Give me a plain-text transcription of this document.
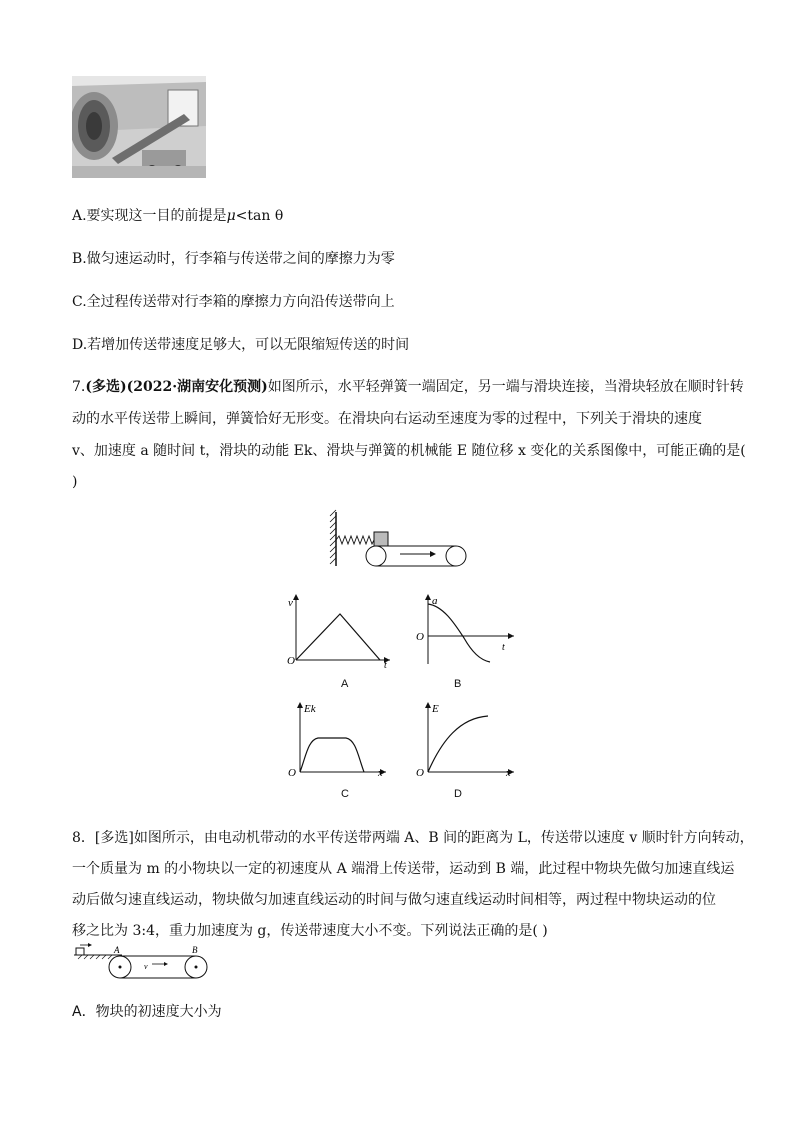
A.要实现这一目的前提是μ<tan θ
B.做匀速运动时，行李箱与传送带之间的摩擦力为零
C.全过程传送带对行李箱的摩擦力方向沿传送带向上
D.若增加传送带速度足够大，可以无限缩短传送的时间
7.(多选)(2022·湖南安化预测)如图所示，水平轻弹簧一端固定，另一端与滑块连接，当滑块轻放在顺时针转
动的水平传送带上瞬间，弹簧恰好无形变。在滑块向右运动至速度为零的过程中，下列关于滑块的速度
v、加速度 a 随时间 t，滑块的动能 Ek、滑块与弹簧的机械能 E 随位移 x 变化的关系图像中，可能正确的是(
)
v
O	t
A
a
O
t
B
Ek
O	x
C
E
O	x
D
8．[多选]如图所示，由电动机带动的水平传送带两端 A、B 间的距离为 L，传送带以速度 v 顺时针方向转动，
一个质量为 m 的小物块以一定的初速度从 A 端滑上传送带，运动到 B 端，此过程中物块先做匀加速直线运
动后做匀速直线运动，物块做匀加速直线运动的时间与做匀速直线运动时间相等，两过程中物块运动的位
移之比为 3:4，重力加速度为 g，传送带速度大小不变。下列说法正确的是( )
A	B
v
A．物块的初速度大小为
